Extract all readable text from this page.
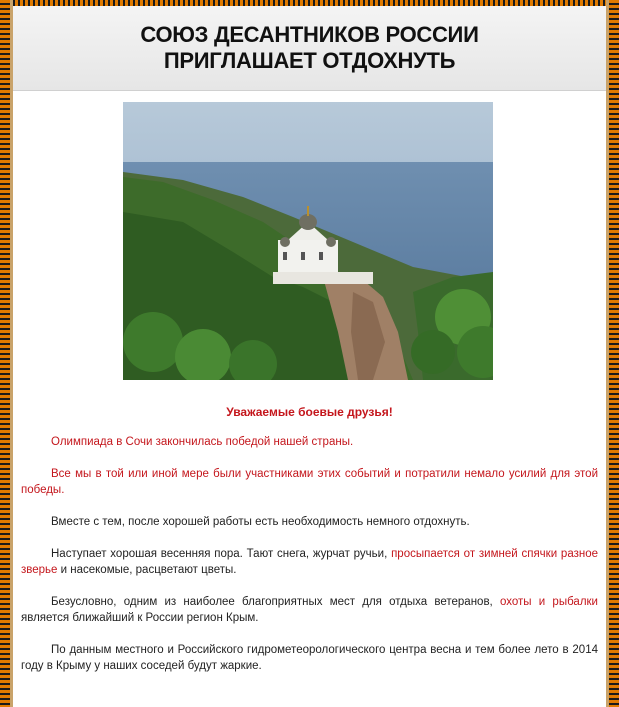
СОЮЗ ДЕСАНТНИКОВ РОССИИ ПРИГЛАШАЕТ ОТДОХНУТЬ

Уважаемые боевые друзья!

Олимпиада в Сочи закончилась победой нашей страны.

Все мы в той или иной мере были участниками этих событий и потратили немало усилий для этой победы.

Вместе с тем, после хорошей работы есть необходимость немного отдохнуть.

Наступает хорошая весенняя пора. Тают снега, журчат ручьи, просыпается от зимней спячки разное зверье и насекомые, расцветают цветы.

Безусловно, одним из наиболее благоприятных мест для отдыха ветеранов, охоты и рыбалки является ближайший к России регион Крым.

По данным местного и Российского гидрометеорологического центра весна и тем более лето в 2014 году в Крыму у наших соседей будут жаркие.
